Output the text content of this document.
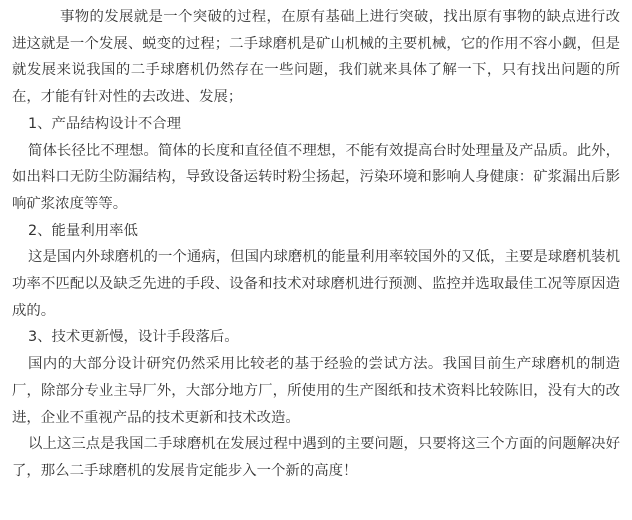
事物的发展就是一个突破的过程，在原有基础上进行突破，找出原有事物的缺点进行改进这就是一个发展、蜕变的过程；二手球磨机是矿山机械的主要机械，它的作用不容小觑，但是就发展来说我国的二手球磨机仍然存在一些问题，我们就来具体了解一下，只有找出问题的所在，才能有针对性的去改进、发展；

1、产品结构设计不合理

简体长径比不理想。简体的长度和直径值不理想，不能有效提高台时处理量及产品质。此外，如出料口无防尘防漏结构，导致设备运转时粉尘扬起，污染环境和影响人身健康：矿浆漏出后影响矿浆浓度等等。

2、能量利用率低

这是国内外球磨机的一个通病，但国内球磨机的能量利用率较国外的又低，主要是球磨机装机功率不匹配以及缺乏先进的手段、设备和技术对球磨机进行预测、监控并选取最佳工况等原因造成的。

3、技术更新慢，设计手段落后。

国内的大部分设计研究仍然采用比较老的基于经验的尝试方法。我国目前生产球磨机的制造厂，除部分专业主导厂外，大部分地方厂，所使用的生产图纸和技术资料比较陈旧，没有大的改进，企业不重视产品的技术更新和技术改造。

以上这三点是我国二手球磨机在发展过程中遇到的主要问题，只要将这三个方面的问题解决好了，那么二手球磨机的发展肯定能步入一个新的高度！
